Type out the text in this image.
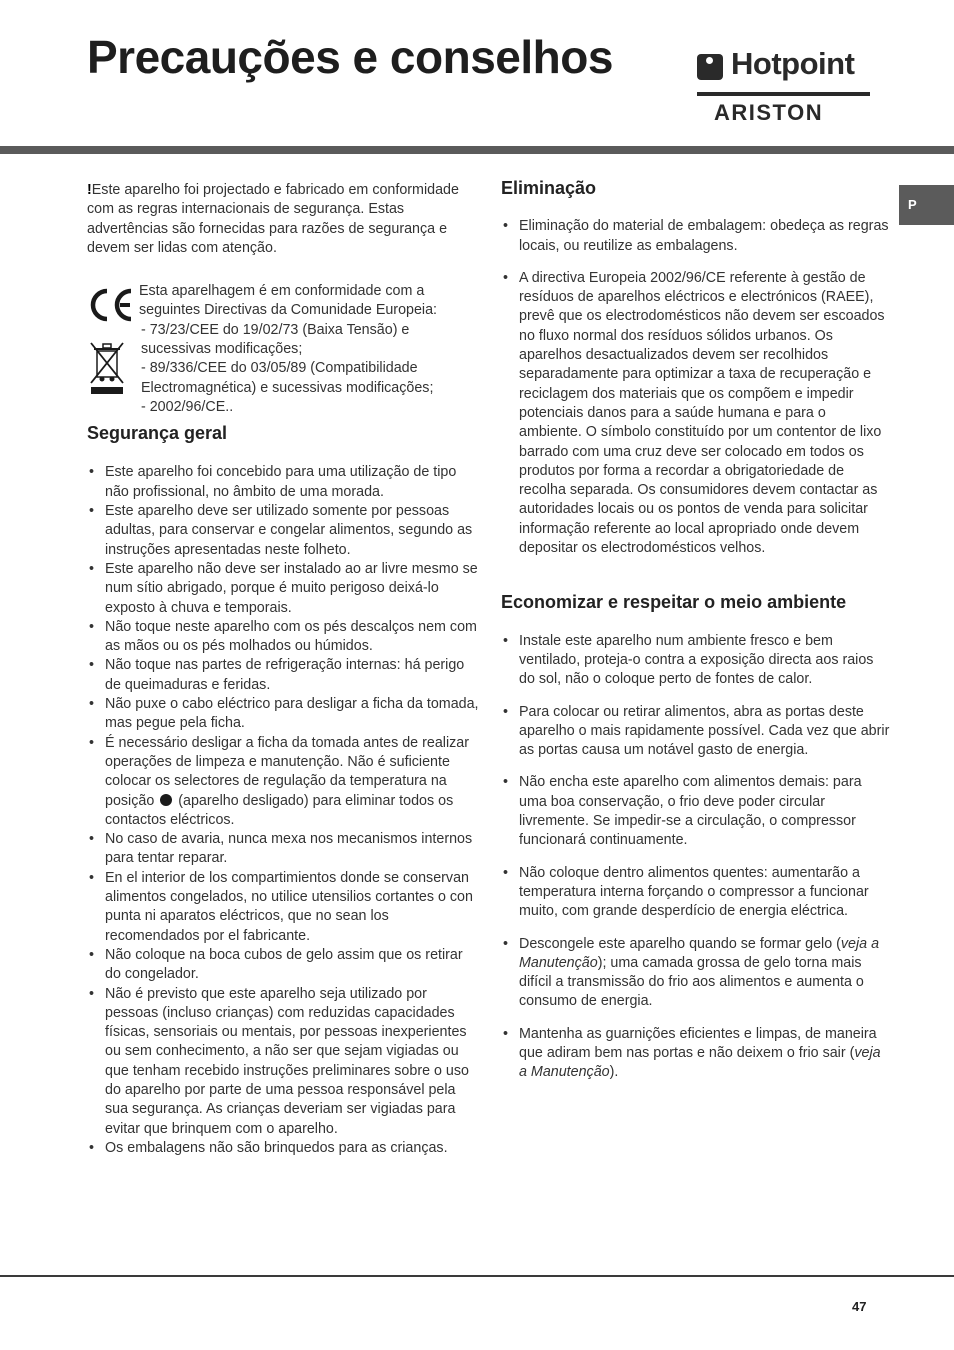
Precauções e conselhos	Hotpoint
ARISTON
P

!Este aparelho foi projectado e fabricado em conformidade com as regras internacionais de segurança. Estas advertências são fornecidas para razões de segurança e devem ser lidas com atenção.

Esta aparelhagem é em conformidade com a seguintes Directivas da Comunidade Europeia:

- 73/23/CEE do 19/02/73 (Baixa Tensão) e sucessivas modificações;

- 89/336/CEE do 03/05/89 (Compatibilidade Electromagnética) e sucessivas modificações;

- 2002/96/CE..

Segurança geral
• Este aparelho foi concebido para uma utilização de tipo não profissional, no âmbito de uma morada.
• Este aparelho deve ser utilizado somente por pessoas adultas, para conservar e congelar alimentos, segundo as instruções apresentadas neste folheto.
• Este aparelho não deve ser instalado ao ar livre mesmo se num sítio abrigado, porque é muito perigoso deixá-lo exposto à chuva e temporais.
• Não toque neste aparelho com os pés descalços nem com as mãos ou os pés molhados ou húmidos.
• Não toque nas partes de refrigeração internas: há perigo de queimaduras e feridas.
• Não puxe o cabo eléctrico para desligar a ficha da tomada, mas pegue pela ficha.
• É necessário desligar a ficha da tomada antes de realizar operações de limpeza e manutenção. Não é suficiente colocar os selectores de regulação da temperatura na posição (aparelho desligado) para eliminar todos os contactos eléctricos.
• No caso de avaria, nunca mexa nos mecanismos internos para tentar reparar.
• En el interior de los compartimientos donde se conservan alimentos congelados, no utilice utensilios cortantes o con punta ni aparatos eléctricos, que no sean los recomendados por el fabricante.
• Não coloque na boca cubos de gelo assim que os retirar do congelador.
• Não é previsto que este aparelho seja utilizado por pessoas (incluso crianças) com reduzidas capacidades físicas, sensoriais ou mentais, por pessoas inexperientes ou sem conhecimento, a não ser que sejam vigiadas ou que tenham recebido instruções preliminares sobre o uso do aparelho por parte de uma pessoa responsável pela sua segurança. As crianças deveriam ser vigiadas para evitar que brinquem com o aparelho.
• Os embalagens não são brinquedos para as crianças.
Eliminação
• Eliminação do material de embalagem: obedeça as regras locais, ou reutilize as embalagens.
• A directiva Europeia 2002/96/CE referente à gestão de resíduos de aparelhos eléctricos e electrónicos (RAEE), prevê que os electrodomésticos não devem ser escoados no fluxo normal dos resíduos sólidos urbanos. Os aparelhos desactualizados devem ser recolhidos separadamente para optimizar a taxa de recuperação e reciclagem dos materiais que os compõem e impedir potenciais danos para a saúde humana e para o ambiente. O símbolo constituído por um contentor de lixo barrado com uma cruz deve ser colocado em todos os produtos por forma a recordar a obrigatoriedade de recolha separada. Os consumidores devem contactar as autoridades locais ou os pontos de venda para solicitar informação referente ao local apropriado onde devem depositar os electrodomésticos velhos.
Economizar e respeitar o meio ambiente
• Instale este aparelho num ambiente fresco e bem ventilado, proteja-o contra a exposição directa aos raios do sol, não o coloque perto de fontes de calor.
• Para colocar ou retirar alimentos, abra as portas deste aparelho o mais rapidamente possível. Cada vez que abrir as portas causa um notável gasto de energia.
• Não encha este aparelho com alimentos demais: para uma boa conservação, o frio deve poder circular livremente. Se impedir-se a circulação, o compressor funcionará continuamente.
• Não coloque dentro alimentos quentes: aumentarão a temperatura interna forçando o compressor a funcionar muito, com grande desperdício de energia eléctrica.
• Descongele este aparelho quando se formar gelo (veja a Manutenção); uma camada grossa de gelo torna mais difícil a transmissão do frio aos alimentos e aumenta o consumo de energia.
• Mantenha as guarnições eficientes e limpas, de maneira que adiram bem nas portas e não deixem o frio sair (veja a Manutenção).
47
